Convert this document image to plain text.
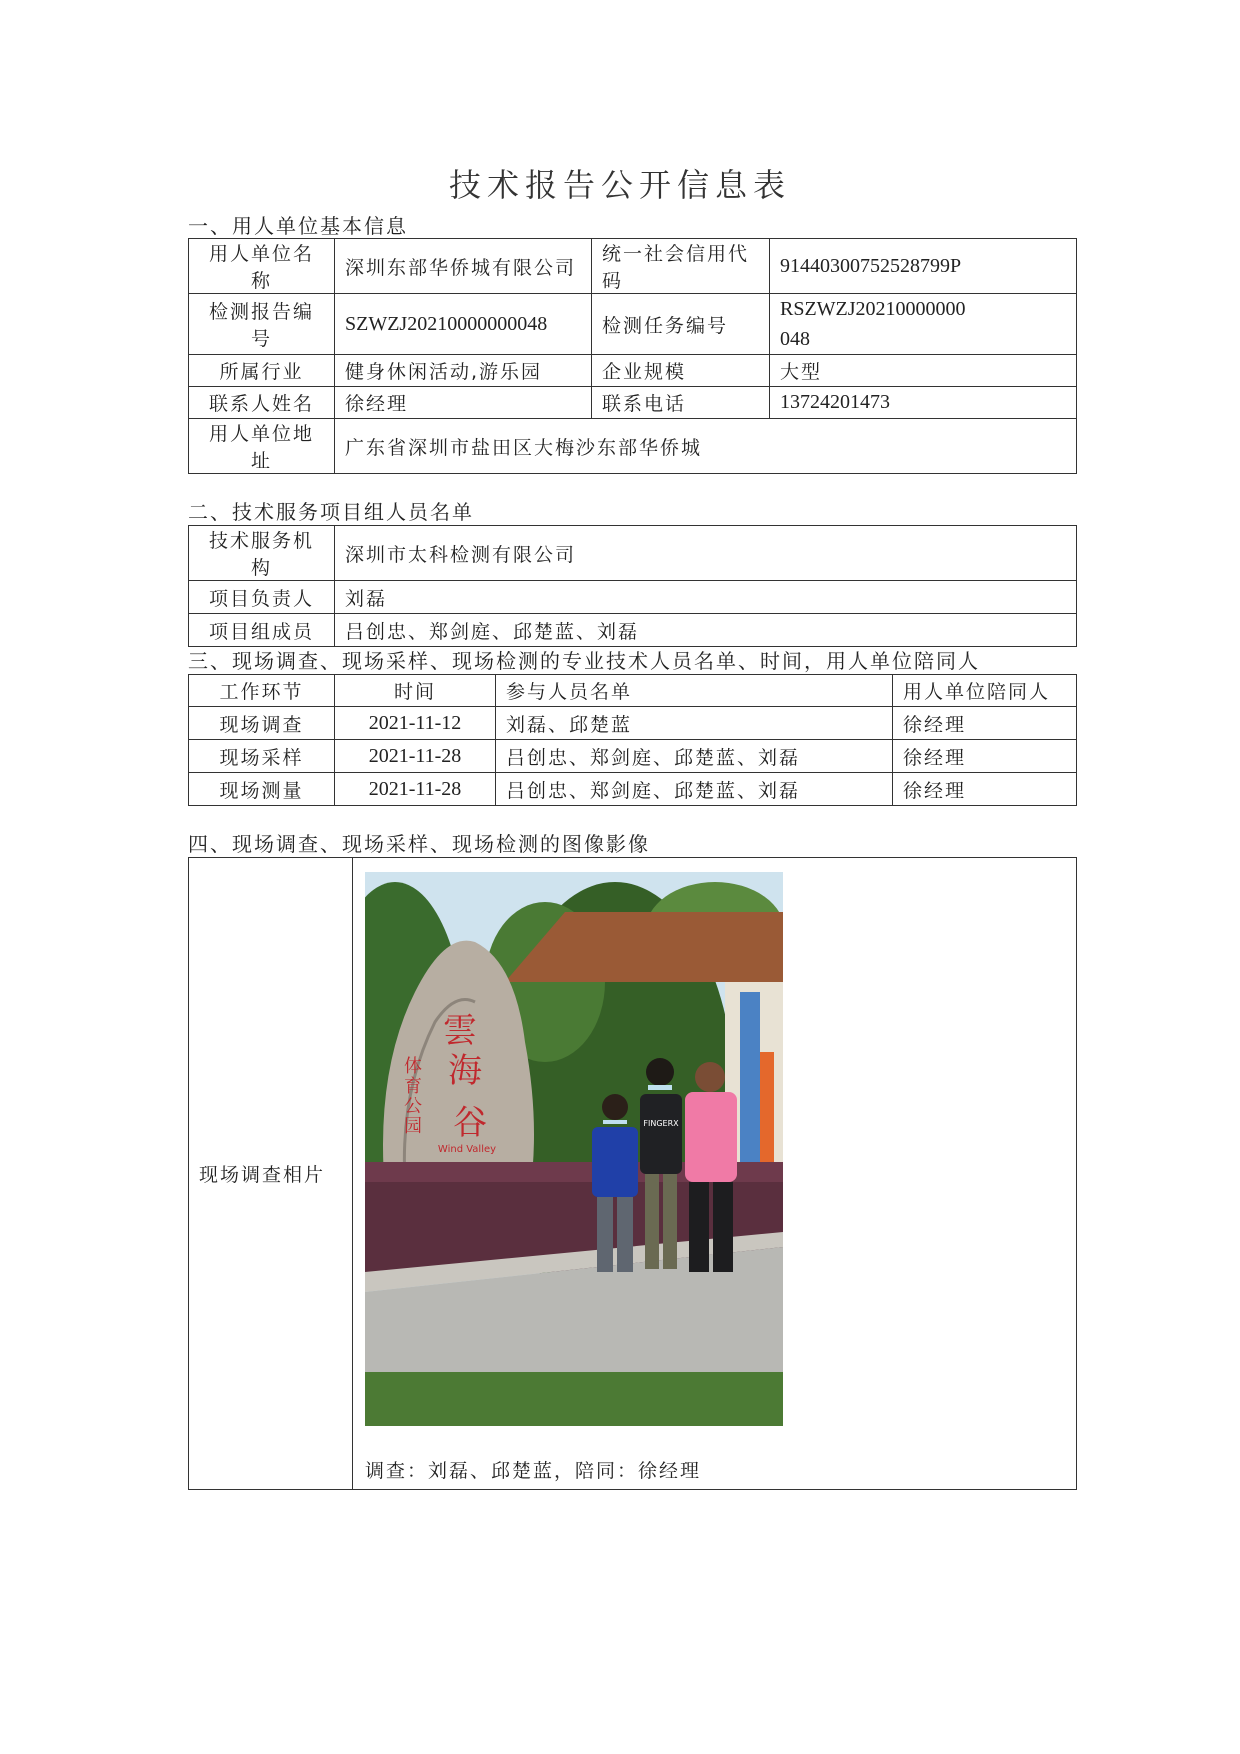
技术报告公开信息表
一、用人单位基本信息
用人单位名称	深圳东部华侨城有限公司	统一社会信用代码	91440300752528799P
检测报告编号	SZWZJ20210000000048	检测任务编号	RSZWZJ20210000000
048

所属行业	健身休闲活动,游乐园	企业规模	大型
联系人姓名	徐经理	联系电话	13724201473
用人单位地址	广东省深圳市盐田区大梅沙东部华侨城		
二、技术服务项目组人员名单
技术服务机构	深圳市太科检测有限公司
项目负责人	刘磊
项目组成员	吕创忠、郑剑庭、邱楚蓝、刘磊
三、现场调查、现场采样、现场检测的专业技术人员名单、时间，用人单位陪同人
工作环节	时间	参与人员名单	用人单位陪同人
现场调查	2021-11-12	刘磊、邱楚蓝	徐经理
现场采样	2021-11-28	吕创忠、郑剑庭、邱楚蓝、刘磊	徐经理
现场测量	2021-11-28	吕创忠、郑剑庭、邱楚蓝、刘磊	徐经理
四、现场调查、现场采样、现场检测的图像影像
现场调查相片	
雲
海
谷
体
育
公
园
Wind Valley
FINGERX
调查：刘磊、邱楚蓝，陪同：徐经理
